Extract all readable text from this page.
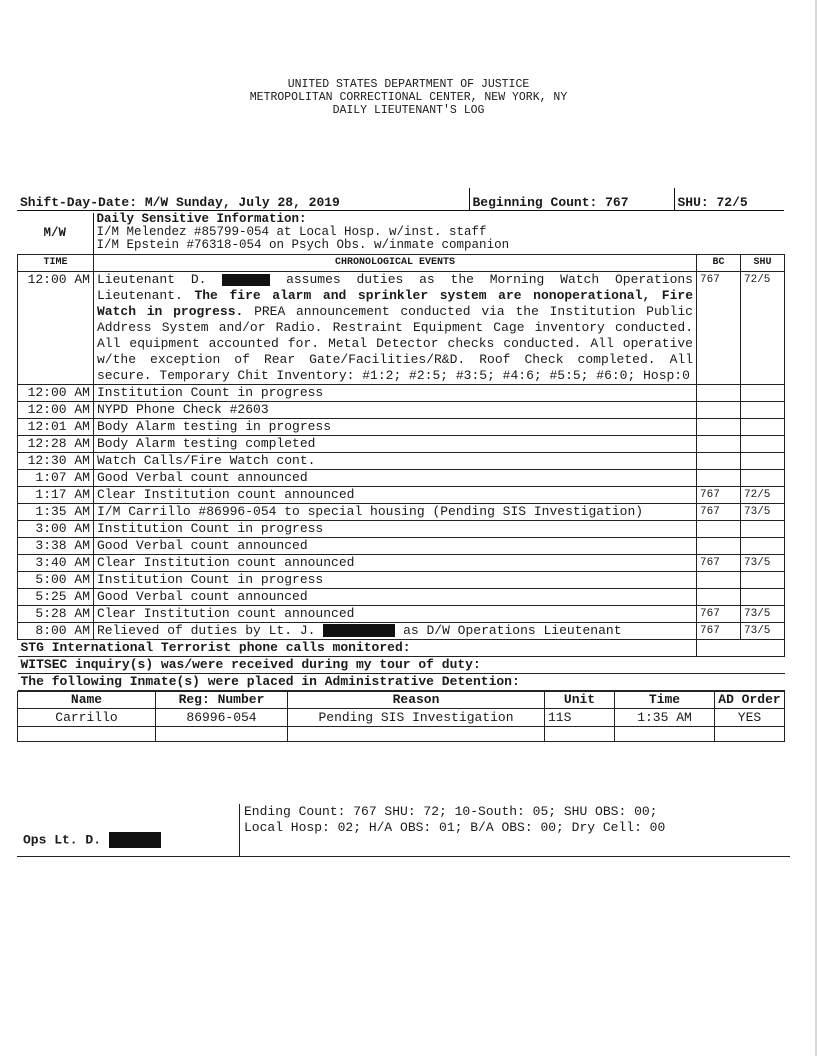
UNITED STATES DEPARTMENT OF JUSTICE
METROPOLITAN CORRECTIONAL CENTER, NEW YORK, NY
DAILY LIEUTENANT'S LOG
Shift-Day-Date: M/W Sunday, July 28, 2019	Beginning Count: 767	SHU: 72/5
M/W	Daily Sensitive Information:
I/M Melendez #85799-054 at Local Hosp. w/inst. staff
I/M Epstein #76318-054 on Psych Obs. w/inmate companion
TIME	CHRONOLOGICAL EVENTS	BC	SHU
12:00 AM	Lieutenant D. assumes duties as the Morning Watch Operations Lieutenant. The fire alarm and sprinkler system are nonoperational, Fire Watch in progress. PREA announcement conducted via the Institution Public Address System and/or Radio. Restraint Equipment Cage inventory conducted. All equipment accounted for. Metal Detector checks conducted. All operative w/the exception of Rear Gate/Facilities/R&D. Roof Check completed. All secure. Temporary Chit Inventory: #1:2; #2:5; #3:5; #4:6; #5:5; #6:0; Hosp:0	767	72/5
12:00 AM	Institution Count in progress		
12:00 AM	NYPD Phone Check #2603		
12:01 AM	Body Alarm testing in progress		
12:28 AM	Body Alarm testing completed		
12:30 AM	Watch Calls/Fire Watch cont.		
1:07 AM	Good Verbal count announced		
1:17 AM	Clear Institution count announced	767	72/5
1:35 AM	I/M Carrillo #86996-054 to special housing (Pending SIS Investigation)	767	73/5
3:00 AM	Institution Count in progress		
3:38 AM	Good Verbal count announced		
3:40 AM	Clear Institution count announced	767	73/5
5:00 AM	Institution Count in progress		
5:25 AM	Good Verbal count announced		
5:28 AM	Clear Institution count announced	767	73/5
8:00 AM	Relieved of duties by Lt. J. as D/W Operations Lieutenant	767	73/5
STG International Terrorist phone calls monitored:			
WITSEC inquiry(s) was/were received during my tour of duty:			
The following Inmate(s) were placed in Administrative Detention:			
Name	Reg: Number	Reason	Unit	Time	AD Order
Carrillo	86996-054	Pending SIS Investigation	11S	1:35 AM	YES

Ops Lt. D.
Ending Count: 767 SHU: 72; 10-South: 05; SHU OBS: 00;
Local Hosp: 02; H/A OBS: 01; B/A OBS: 00; Dry Cell: 00
